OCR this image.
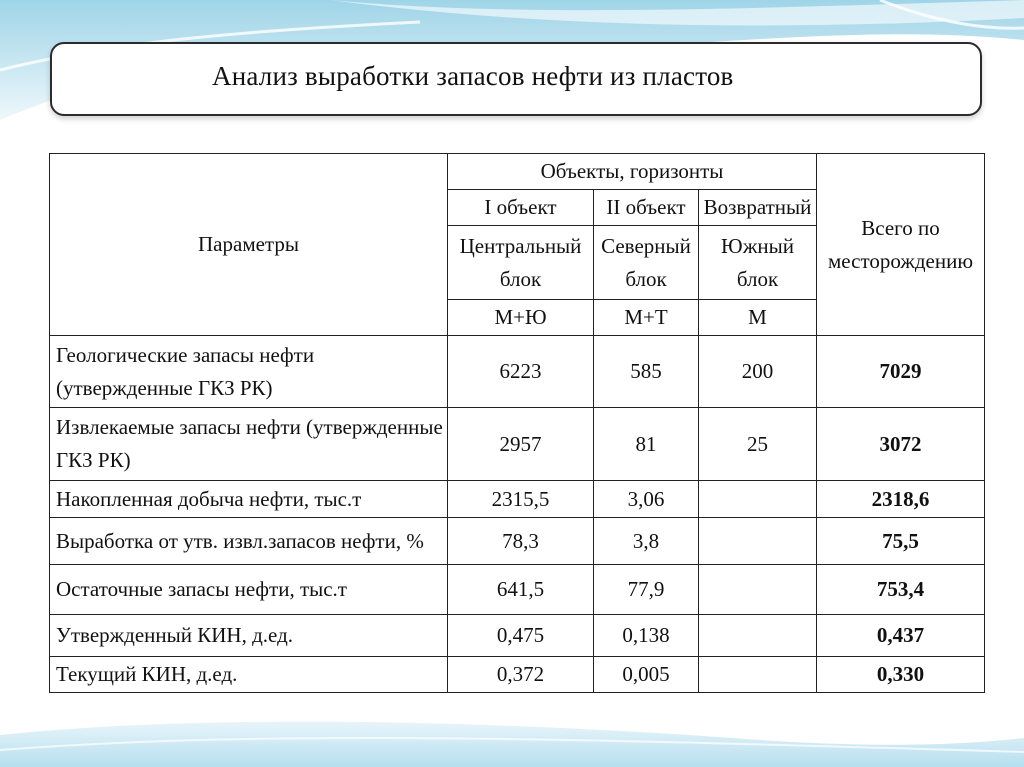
Анализ выработки запасов нефти из пластов
Параметры	Объекты, горизонты			Всего по месторождению
	I объект	II объект	Возвратный	
	Центральный блок	Северный блок	Южный блок	
	М+Ю	М+Т	М	
Геологические запасы нефти (утвержденные ГКЗ РК)	6223	585	200	7029
Извлекаемые запасы нефти (утвержденные ГКЗ РК)	2957	81	25	3072
Накопленная добыча нефти, тыс.т	2315,5	3,06		2318,6
Выработка от утв. извл.запасов нефти, %	78,3	3,8		75,5
Остаточные запасы нефти, тыс.т	641,5	77,9		753,4
Утвержденный КИН, д.ед.	0,475	0,138		0,437
Текущий КИН, д.ед.	0,372	0,005		0,330
